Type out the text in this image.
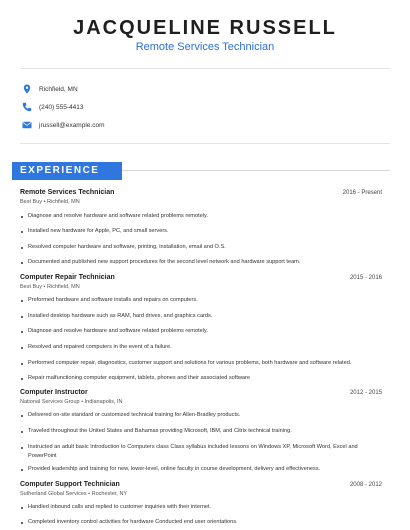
JACQUELINE RUSSELL
Remote Services Technician
Richfield, MN
(240) 555-4413
jrussell@example.com
EXPERIENCE
Remote Services Technician	2016 - Present
Best Buy • Richfield, MN
Diagnose and resolve hardware and software related problems remotely.
Installed new hardware for Apple, PC, and small servers.
Resolved computer hardware and software, printing, installation, email and O.S.
Documented and published new support procedures for the second level network and hardware support team.
Computer Repair Technician	2015 - 2016
Best Buy • Richfield, MN
Preformed hardware and software installs and repairs on computers.
Installed desktop hardware such as RAM, hard drives, and graphics cards.
Diagnose and resolve hardware and software related problems remotely.
Resolved and repaired computers in the event of a failure.
Performed computer repair, diagnostics, customer support and solutions for various problems, both hardware and software related.
Repair malfunctioning computer equipment, tablets, phones and their associated software
Computer Instructor	2012 - 2015
National Services Group • Indianapolis, IN
Delivered on-site standard or customized technical training for Allen-Bradley products.
Traveled throughout the United States and Bahamas providing Microsoft, IBM, and Citrix technical training.
Instructed an adult basic Introduction to Computers class Class syllabus included lessons on Windows XP, Microsoft Word, Excel and PowerPoint
Provided leadership and training for new, lower-level, online faculty in course development, delivery and effectiveness.
Computer Support Technician	2008 - 2012
Sutherland Global Services • Rochester, NY
Handled inbound calls and replied to customer inquiries with their internet.
Completed inventory control activities for hardware Conducted end user orientations.
